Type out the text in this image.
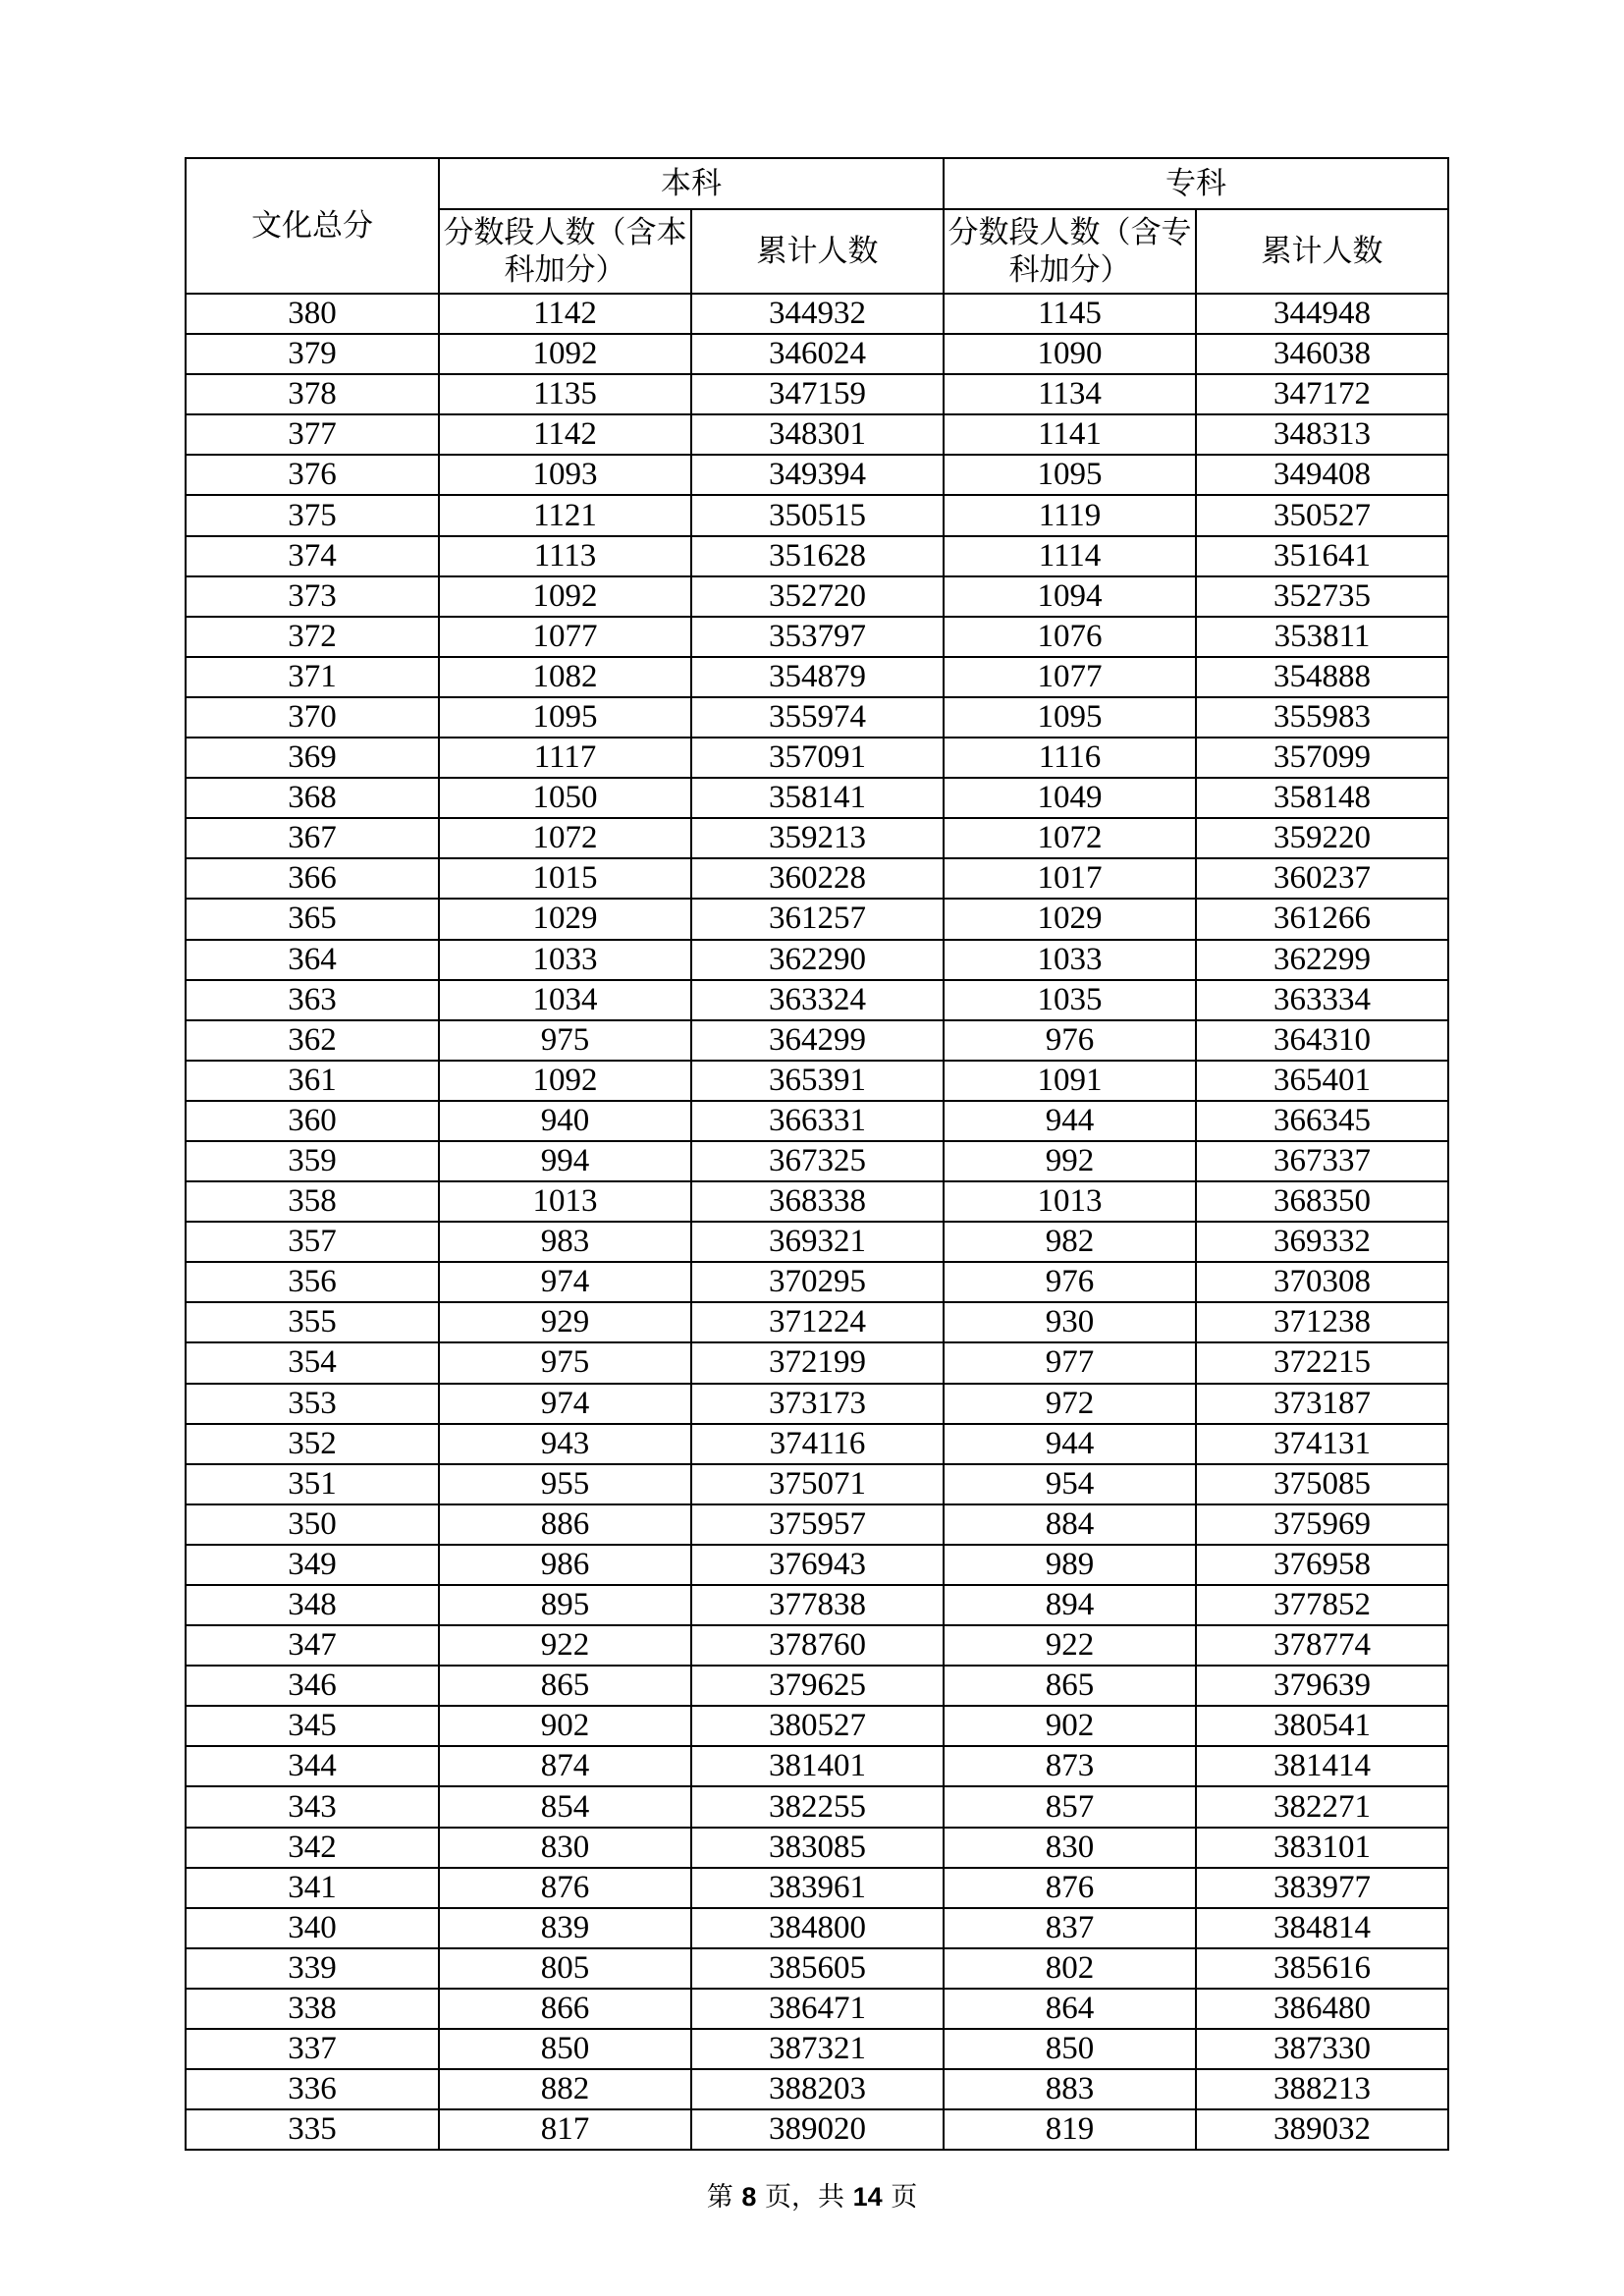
文化总分	本科		专科	
	分数段人数（含本科加分）	累计人数	分数段人数（含专科加分）	累计人数
380	1142	344932	1145	344948
379	1092	346024	1090	346038
378	1135	347159	1134	347172
377	1142	348301	1141	348313
376	1093	349394	1095	349408
375	1121	350515	1119	350527
374	1113	351628	1114	351641
373	1092	352720	1094	352735
372	1077	353797	1076	353811
371	1082	354879	1077	354888
370	1095	355974	1095	355983
369	1117	357091	1116	357099
368	1050	358141	1049	358148
367	1072	359213	1072	359220
366	1015	360228	1017	360237
365	1029	361257	1029	361266
364	1033	362290	1033	362299
363	1034	363324	1035	363334
362	975	364299	976	364310
361	1092	365391	1091	365401
360	940	366331	944	366345
359	994	367325	992	367337
358	1013	368338	1013	368350
357	983	369321	982	369332
356	974	370295	976	370308
355	929	371224	930	371238
354	975	372199	977	372215
353	974	373173	972	373187
352	943	374116	944	374131
351	955	375071	954	375085
350	886	375957	884	375969
349	986	376943	989	376958
348	895	377838	894	377852
347	922	378760	922	378774
346	865	379625	865	379639
345	902	380527	902	380541
344	874	381401	873	381414
343	854	382255	857	382271
342	830	383085	830	383101
341	876	383961	876	383977
340	839	384800	837	384814
339	805	385605	802	385616
338	866	386471	864	386480
337	850	387321	850	387330
336	882	388203	883	388213
335	817	389020	819	389032
第 8 页，共 14 页
